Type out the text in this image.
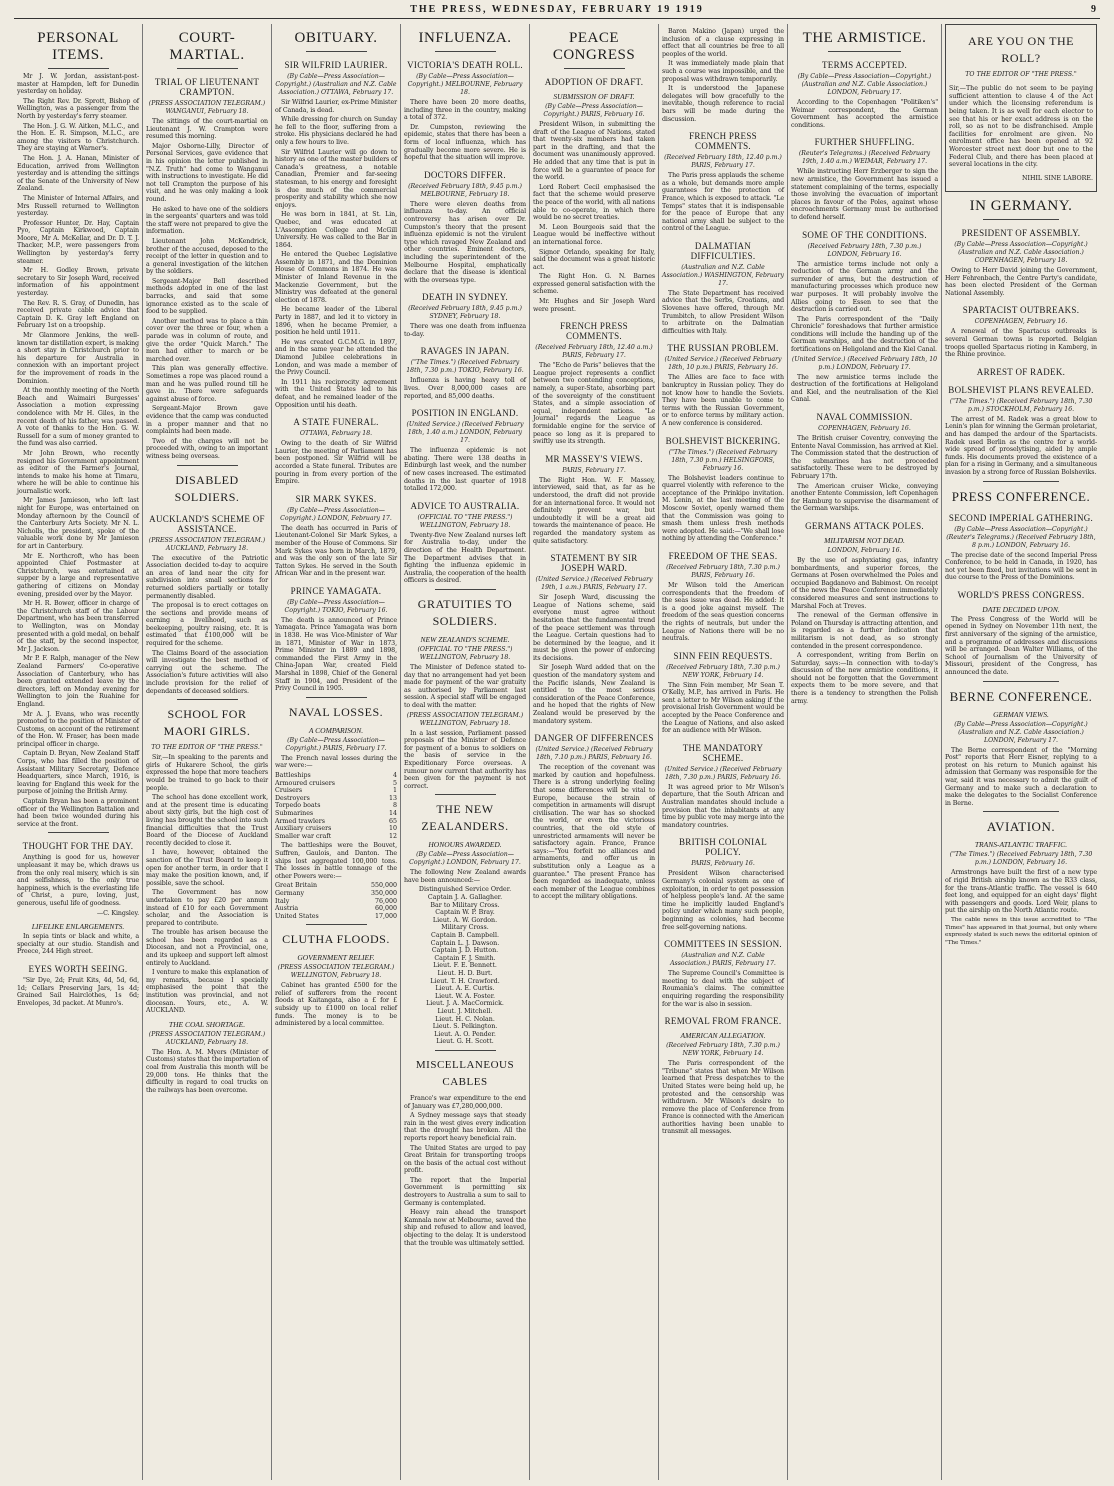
THE PRESS, WEDNESDAY, FEBRUARY 19 1919	9
PERSONAL ITEMS.

Mr J. W. Jordan, assistant-post-master at Hampden, left for Dunedin yesterday on holiday.

The Right Rev. Dr. Sprott, Bishop of Wellington, was a passenger from the North by yesterday's ferry steamer.

The Hon. J. G. W. Aitken, M.L.C., and the Hon. E. R. Simpson, M.L.C., are among the visitors to Christchurch. They are staying at Warner's.

The Hon. J. A. Hanan, Minister of Education, arrived from Wellington yesterday and is attending the sittings of the Senate of the University of New Zealand.

The Minister of Internal Affairs, and Mrs Russell returned to Wellington yesterday.

Professor Hunter, Dr. Hay, Captain Pyo, Captain Kirkwood, Captain Moore, Mr A. McKellar, and Dr. D. T. J. Thacker, M.P., were passengers from Wellington by yesterday's ferry steamer.

Mr H. Godley Brown, private secretary to Sir Joseph Ward, received information of his appointment yesterday.

The Rev. R. S. Gray, of Dunedin, has received private cable advice that Captain D. K. Gray left England on February 1st on a troopship.

Mr Glanmore Jenkins, the well-known tar distillation expert, is making a short stay in Christchurch prior to his departure for Australia in connexion with an important project for the improvement of roads in the Dominion.

At the monthly meeting of the North Beach and Waimairi Burgesses' Association a motion expressing condolence with Mr H. Giles, in the recent death of his father, was passed. A vote of thanks to the Hon. G. W. Russell for a sum of money granted to the fund was also carried.

Mr John Brown, who recently resigned his Government appointment as editor of the Farmer's Journal, intends to make his home at Timaru, where he will be able to continue his journalistic work.

Mr James Jamieson, who left last night for Europe, was entertained on Monday afternoon by the Council of the Canterbury Arts Society. Mr N. L. Nicholls, the president, spoke of the valuable work done by Mr Jamieson for art in Canterbury.

Mr E. Northcroft, who has been appointed Chief Postmaster at Christchurch, was entertained at supper by a large and representative gathering of citizens on Monday evening, presided over by the Mayor.

Mr H. R. Bower, officer in charge of the Christchurch staff of the Labour Department, who has been transferred to Wellington, was on Monday presented with a gold medal, on behalf of the staff, by the second inspector, Mr J. Jackson.

Mr P. F. Ralph, manager of the New Zealand Farmers' Co-operative Association of Canterbury, who has been granted extended leave by the directors, left on Monday evening for Wellington to join the Ruahine for England.

Mr A. J. Evans, who was recently promoted to the position of Minister of Customs, on account of the retirement of the Hon. W. Fraser, has been made principal officer in charge.

Captain D. Bryan, New Zealand Staff Corps, who has filled the position of Assistant Military Secretary, Defence Headquarters, since March, 1916, is leaving for England this week for the purpose of joining the British Army.

Captain Bryan has been a prominent officer of the Wellington Battalion and had been twice wounded during his service at the front.

THOUGHT FOR THE DAY.

Anything is good for us, however unpleasant it may be, which draws us from the only real misery, which is sin and selfishness, to the only true happiness, which is the everlasting life of Christ, a pure, loving, just, generous, useful life of goodness.

—C. Kingsley.

LIFELIKE ENLARGEMENTS.

In sepia tints or black and white, a specialty at our studio. Standish and Preece, 244 High street.

EYES WORTH SEEING.

"Sir Dye, 2d; Fruit Kits, 4d, 5d, 6d, 1d; Cellars Preserving Jars, 1s 4d; Grained Sail Hairclothes, 1s 6d; Envelopes, 3d packet. At Munro's.

COURT-MARTIAL.
TRIAL OF LIEUTENANT CRAMPTON.
(PRESS ASSOCIATION TELEGRAM.) WANGANUI, February 18.

The sittings of the court-martial on Lieutenant J. W. Crampton were resumed this morning.

Major Osborne-Lilly, Director of Personal Services, gave evidence that in his opinion the letter published in "N.Z. Truth" had come to Wanganui with instructions to investigate. He did not tell Crampton the purpose of his visit, and he was only making a look round.

He asked to have one of the soldiers in the sergeants' quarters and was told the staff were not prepared to give the information.

Lieutenant John McKendrick, brother of the accused, deposed to the receipt of the letter in question and to a general investigation of the kitchen by the soldiers.

Sergeant-Major Bell described methods adopted in one of the last barracks, and said that some ignorance existed as to the scale of food to be supplied.

Another method was to place a thin cover over the three or four, when a parade was in column of route, and give the order "Quick March." The men had either to march or be marched over.

This plan was generally effective. Sometimes a rope was placed round a man and he was pulled round till he gave in. There were safeguards against abuse of force.

Sergeant-Major Brown gave evidence that the camp was conducted in a proper manner and that no complaints had been made.

Two of the charges will not be proceeded with, owing to an important witness being overseas.

DISABLED SOLDIERS.
AUCKLAND'S SCHEME OF ASSISTANCE.
(PRESS ASSOCIATION TELEGRAM.) AUCKLAND, February 18.

The executive of the Patriotic Association decided to-day to acquire an area of land near the city for subdivision into small sections for returned soldiers partially or totally permanently disabled.

The proposal is to erect cottages on the sections and provide means of earning a livelihood, such as beekeeping, poultry raising, etc. It is estimated that £100,000 will be required for the scheme.

The Claims Board of the association will investigate the best method of carrying out the scheme. The Association's future activities will also include provision for the relief of dependants of deceased soldiers.

SCHOOL FOR MAORI GIRLS.
TO THE EDITOR OF "THE PRESS."

Sir,—In speaking to the parents and girls of Hukarere School, the girls expressed the hope that more teachers would be trained to go back to their people.

The school has done excellent work, and at the present time is educating about sixty girls, but the high cost of living has brought the school into such financial difficulties that the Trust Board of the Diocese of Auckland recently decided to close it.

I have, however, obtained the sanction of the Trust Board to keep it open for another term, in order that I may make the position known, and, if possible, save the school.

The Government has now undertaken to pay £20 per annum instead of £10 for each Government scholar, and the Association is prepared to contribute.

The trouble has arisen because the school has been regarded as a Diocesan, and not a Provincial, one, and its upkeep and support left almost entirely to Auckland.

I venture to make this explanation of my remarks, because I specially emphasised the point that the institution was provincial, and not diocesan. Yours, etc., A. W. AUCKLAND.

THE COAL SHORTAGE.
(PRESS ASSOCIATION TELEGRAM.) AUCKLAND, February 18.

The Hon. A. M. Myers (Minister of Customs) states that the importation of coal from Australia this month will be 29,000 tons. He thinks that the difficulty in regard to coal trucks on the railways has been overcome.

OBITUARY.
SIR WILFRID LAURIER.
(By Cable—Press Association—Copyright.) (Australian and N.Z. Cable Association.) OTTAWA, February 17.

Sir Wilfrid Laurier, ex-Prime Minister of Canada, is dead.

While dressing for church on Sunday he fell to the floor, suffering from a stroke. His physicians declared he had only a few hours to live.

Sir Wilfrid Laurier will go down to history as one of the master builders of Canada's greatness, a notable Canadian, Premier and far-seeing statesman, to his energy and foresight is due much of the commercial prosperity and stability which she now enjoys.

He was born in 1841, at St. Lin, Quebec, and was educated at L'Assomption College and McGill University. He was called to the Bar in 1864.

He entered the Quebec Legislative Assembly in 1871, and the Dominion House of Commons in 1874. He was Minister of Inland Revenue in the Mackenzie Government, but the Ministry was defeated at the general election of 1878.

He became leader of the Liberal Party in 1887, and led it to victory in 1896, when he became Premier, a position he held until 1911.

He was created G.C.M.G. in 1897, and in the same year he attended the Diamond Jubilee celebrations in London, and was made a member of the Privy Council.

In 1911 his reciprocity agreement with the United States led to his defeat, and he remained leader of the Opposition until his death.

A STATE FUNERAL.
OTTAWA, February 18.

Owing to the death of Sir Wilfrid Laurier, the meeting of Parliament has been postponed. Sir Wilfrid will be accorded a State funeral. Tributes are pouring in from every portion of the Empire.

SIR MARK SYKES.
(By Cable—Press Association—Copyright.) LONDON, February 17.

The death has occurred in Paris of Lieutenant-Colonel Sir Mark Sykes, a member of the House of Commons. Sir Mark Sykes was born in March, 1879, and was the only son of the late Sir Tatton Sykes. He served in the South African War and in the present war.

PRINCE YAMAGATA.
(By Cable—Press Association—Copyright.) TOKIO, February 16.

The death is announced of Prince Yamagata. Prince Yamagata was born in 1838. He was Vice-Minister of War in 1871, Minister of War in 1873, Prime Minister in 1889 and 1898, commanded the First Army in the China-Japan War, created Field Marshal in 1898, Chief of the General Staff in 1904, and President of the Privy Council in 1905.

NAVAL LOSSES.
A COMPARISON.
(By Cable—Press Association—Copyright.) PARIS, February 17.

The French naval losses during the war were:—

Battleships	4
Armoured cruisers	5
Cruisers	1
Destroyers	13
Torpedo boats	8
Submarines	14
Armed trawlers	65
Auxiliary cruisers	10
Smaller war craft	12

The battleships were the Bouvet, Suffren, Gaulois, and Danton. The ships lost aggregated 100,000 tons. The losses in battle tonnage of the other Powers were:—

Great Britain	550,000
Germany	350,000
Italy	76,000
Austria	60,000
United States	17,000
CLUTHA FLOODS.
GOVERNMENT RELIEF.
(PRESS ASSOCIATION TELEGRAM.) WELLINGTON, February 18.

Cabinet has granted £500 for the relief of sufferers from the recent floods at Kaitangata, also a £ for £ subsidy up to £1000 on local relief funds. The money is to be administered by a local committee.

INFLUENZA.
VICTORIA'S DEATH ROLL.
(By Cable—Press Association—Copyright.) MELBOURNE, February 18.

There have been 20 more deaths, including three in the country, making a total of 372.

Dr. Cumpston, reviewing the epidemic, states that there has been a form of local influenza, which has gradually become more severe. He is hopeful that the situation will improve.

DOCTORS DIFFER.
(Received February 18th, 9.45 p.m.) MELBOURNE, February 18.

There were eleven deaths from influenza to-day. An official controversy has arisen over Dr. Cumpston's theory that the present influenza epidemic is not the virulent type which ravaged New Zealand and other countries. Eminent doctors, including the superintendent of the Melbourne Hospital, emphatically declare that the disease is identical with the overseas type.

DEATH IN SYDNEY.
(Received February 18th, 9.45 p.m.) SYDNEY, February 18.

There was one death from influenza to-day.

RAVAGES IN JAPAN.
("The Times.") (Received February 18th, 7.30 p.m.) TOKIO, February 16.

Influenza is having heavy toll of lives. Over 8,000,000 cases are reported, and 85,000 deaths.

POSITION IN ENGLAND.
(United Service.) (Received February 18th, 1.40 a.m.) LONDON, February 17.

The influenza epidemic is not abating. There were 138 deaths in Edinburgh last week, and the number of new cases increased. The estimated deaths in the last quarter of 1918 totalled 172,000.

ADVICE TO AUSTRALIA.
(OFFICIAL TO "THE PRESS.") WELLINGTON, February 18.

Twenty-five New Zealand nurses left for Australia to-day, under the direction of the Health Department. The Department advises that in fighting the influenza epidemic in Australia, the cooperation of the health officers is desired.

GRATUITIES TO SOLDIERS.
NEW ZEALAND'S SCHEME.
(OFFICIAL TO "THE PRESS.") WELLINGTON, February 18.

The Minister of Defence stated to-day that no arrangement had yet been made for payment of the war gratuity as authorised by Parliament last session. A special staff will be engaged to deal with the matter.

(PRESS ASSOCIATION TELEGRAM.) WELLINGTON, February 18.

In a last session, Parliament passed proposals of the Minister of Defence for payment of a bonus to soldiers on the basis of service in the Expeditionary Force overseas. A rumour now current that authority has been given for the payment is not correct.

THE NEW ZEALANDERS.
HONOURS AWARDED.
(By Cable—Press Association—Copyright.) LONDON, February 17.

The following New Zealand awards have been announced:—

Distinguished Service Order.
Captain J. A. Gallagher.
Bar to Military Cross.
Captain W. P. Bray.
Lieut. A. W. Gordon.
Military Cross.
Captain B. Campbell.
Captain L. J. Dawson.
Captain J. D. Hutton.
Captain F. J. Smith.
Lieut. F. E. Bennett.
Lieut. H. D. Burt.
Lieut. T. H. Crawford.
Lieut. A. E. Curtis.
Lieut. W. A. Foster.
Lieut. J. A. MacCormick.
Lieut. J. Mitchell.
Lieut. H. C. Nolan.
Lieut. S. Pelkington.
Lieut. A. O. Pender.
Lieut. G. H. Scott.
MISCELLANEOUS CABLES

France's war expenditure to the end of January was £7,280,000,000.

A Sydney message says that steady rain in the west gives every indication that the drought has broken. All the reports report heavy beneficial rain.

The United States are urged to pay Great Britain for transporting troops on the basis of the actual cost without profit.

The report that the Imperial Government is permitting six destroyers to Australia a sum to sail to Germany is contemplated.

Heavy rain ahead the transport Kamnala now at Melbourne, saved the ship and refused to allow and leaved, objecting to the delay. It is understood that the trouble was ultimately settled.

PEACE CONGRESS
ADOPTION OF DRAFT.
SUBMISSION OF DRAFT.
(By Cable—Press Association—Copyright.) PARIS, February 16.

President Wilson, in submitting the draft of the League of Nations, stated that twenty-six members had taken part in the drafting, and that the document was unanimously approved. He added that any time that is put in force will be a guarantee of peace for the world.

Lord Robert Cecil emphasised the fact that the scheme would preserve the peace of the world, with all nations able to co-operate, in which there would be no secret treaties.

M. Leon Bourgeois said that the League would be ineffective without an international force.

Signor Orlando, speaking for Italy, said the document was a great historic act.

The Right Hon. G. N. Barnes expressed general satisfaction with the scheme.

Mr. Hughes and Sir Joseph Ward were present.

FRENCH PRESS COMMENTS.
(Received February 18th, 12.40 a.m.) PARIS, February 17.

The "Echo de Paris" believes that the League project represents a conflict between two contending conceptions, namely, a super-State, absorbing part of the sovereignty of the constituent States, and a simple association of equal, independent nations. "Le Journal" regards the League as formidable engine for the service of peace so long as it is prepared to swiftly use its strength.

MR MASSEY'S VIEWS.
PARIS, February 17.

The Right Hon. W. F. Massey, interviewed, said that, as far as he understood, the draft did not provide for an international force. It would not definitely prevent war, but undoubtedly it will be a great aid towards the maintenance of peace. He regarded the mandatory system as quite satisfactory.

STATEMENT BY SIR JOSEPH WARD.
(United Service.) (Received February 19th, 1 a.m.) PARIS, February 17.

Sir Joseph Ward, discussing the League of Nations scheme, said everyone must agree without hesitation that the fundamental trend of the peace settlement was through the League. Certain questions had to be determined by the league, and it must be given the power of enforcing its decisions.

Sir Joseph Ward added that on the question of the mandatory system and the Pacific islands, New Zealand is entitled to the most serious consideration of the Peace Conference, and he hoped that the rights of New Zealand would be preserved by the mandatory system.

DANGER OF DIFFERENCES
(United Service.) (Received February 18th, 7.10 p.m.) PARIS, February 16.

The reception of the covenant was marked by caution and hopefulness. There is a strong underlying feeling that some differences will be vital to Europe, because the strain of competition in armaments will disrupt civilisation. The war has so shocked the world, or even the victorious countries, that the old style of unrestricted armaments will never be satisfactory again. France, France says:—"You forfeit no alliances and armaments, and offer us in substitution only a League as a guarantee." The present France has been regarded as inadequate, unless each member of the League combines to accept the military obligations.

Baron Makino (Japan) urged the inclusion of a clause expressing in effect that all countries be free to all peoples of the world.

It was immediately made plain that such a course was impossible, and the proposal was withdrawn temporarily.

It is understood the Japanese delegates will bow gracefully to the inevitable, though reference to racial bars will be made during the discussion.

FRENCH PRESS COMMENTS.
(Received February 18th, 12.40 p.m.) PARIS, February 17.

The Paris press applauds the scheme as a whole, but demands more ample guarantees for the protection of France, which is exposed to attack. "Le Temps" states that it is indispensable for the peace of Europe that any national army shall be subject to the control of the League.

DALMATIAN DIFFICULTIES.
(Australian and N.Z. Cable Association.) WASHINGTON, February 17.

The State Department has received advice that the Serbs, Croatians, and Slovenes have offered, through Mr. Trumbitch, to allow President Wilson to arbitrate on the Dalmatian difficulties with Italy.

THE RUSSIAN PROBLEM.
(United Service.) (Received February 18th, 10 p.m.) PARIS, February 16.

The Allies are face to face with bankruptcy in Russian policy. They do not know how to handle the Soviets. They have been unable to come to terms with the Russian Government, or to enforce terms by military action. A new conference is considered.

BOLSHEVIST BICKERING.
("The Times.") (Received February 18th, 7.30 p.m.) HELSINGFORS, February 16.

The Bolshevist leaders continue to quarrel violently with reference to the acceptance of the Prinkipo invitation. M. Lenin, at the last meeting of the Moscow Soviet, openly warned them that the Commission was going to smash them unless fresh methods were adopted. He said:—"We shall lose nothing by attending the Conference."

FREEDOM OF THE SEAS.
(Received February 18th, 7.30 p.m.) PARIS, February 16.

Mr Wilson told the American correspondents that the freedom of the seas issue was dead. He added: It is a good joke against myself. The freedom of the seas question concerns the rights of neutrals, but under the League of Nations there will be no neutrals.

SINN FEIN REQUESTS.
(Received February 18th, 7.30 p.m.) NEW YORK, February 14.

The Sinn Fein member, Mr Sean T. O'Kelly, M.P., has arrived in Paris. He sent a letter to Mr Wilson asking if the provisional Irish Government would be accepted by the Peace Conference and the League of Nations, and also asked for an audience with Mr Wilson.

THE MANDATORY SCHEME.
(United Service.) (Received February 18th, 7.30 p.m.) PARIS, February 16.

It was agreed prior to Mr Wilson's departure, that the South African and Australian mandates should include a provision that the inhabitants at any time by public vote may merge into the mandatory countries.

BRITISH COLONIAL POLICY.
PARIS, February 16.

President Wilson characterised Germany's colonial system as one of exploitation, in order to get possession of helpless people's land. At the same time he implicitly lauded England's policy under which many such people, beginning as colonies, had become free self-governing nations.

COMMITTEES IN SESSION.
(Australian and N.Z. Cable Association.) PARIS, February 17.

The Supreme Council's Committee is meeting to deal with the subject of Roumania's claims. The committee enquiring regarding the responsibility for the war is also in session.

REMOVAL FROM FRANCE.
AMERICAN ALLEGATION.
(Received February 18th, 7.30 p.m.) NEW YORK, February 14.

The Paris correspondent of the "Tribune" states that when Mr Wilson learned that Press despatches to the United States were being held up, he protested and the censorship was withdrawn. Mr Wilson's desire to remove the place of Conference from France is connected with the American authorities having been unable to transmit all messages.

THE ARMISTICE.
TERMS ACCEPTED.
(By Cable—Press Association—Copyright.) (Australian and N.Z. Cable Association.) LONDON, February 17.

According to the Copenhagen "Politiken's" Weimar correspondent, the German Government has accepted the armistice conditions.

FURTHER SHUFFLING.
(Reuter's Telegrams.) (Received February 19th, 1.40 a.m.) WEIMAR, February 17.

While instructing Herr Erzberger to sign the new armistice, the Government has issued a statement complaining of the terms, especially those involving the evacuation of important places in favour of the Poles, against whose encroachments Germany must be authorised to defend herself.

SOME OF THE CONDITIONS.
(Received February 18th, 7.30 p.m.) LONDON, February 16.

The armistice terms include not only a reduction of the German army and the surrender of arms, but the destruction of manufacturing processes which produce new war purposes. It will probably involve the Allies going to Essen to see that the destruction is carried out.

The Paris correspondent of the "Daily Chronicle" foreshadows that further armistice conditions will include the handing up of the German warships, and the destruction of the fortifications on Heligoland and the Kiel Canal.

(United Service.) (Received February 18th, 10 p.m.) LONDON, February 17.

The new armistice terms include the destruction of the fortifications at Heligoland and Kiel, and the neutralisation of the Kiel Canal.

NAVAL COMMISSION.
COPENHAGEN, February 16.

The British cruiser Coventry, conveying the Entente Naval Commission, has arrived at Kiel. The Commission stated that the destruction of the submarines has not proceeded satisfactorily. These were to be destroyed by February 17th.

The American cruiser Wicke, conveying another Entente Commission, left Copenhagen for Hamburg to supervise the disarmament of the German warships.

GERMANS ATTACK POLES.
MILITARISM NOT DEAD.
LONDON, February 16.

By the use of asphyxiating gas, infantry bombardments, and superior forces, the Germans at Posen overwhelmed the Poles and occupied Bagdanovo and Babimost. On receipt of the news the Peace Conference immediately considered measures and sent instructions to Marshal Foch at Treves.

The renewal of the German offensive in Poland on Thursday is attracting attention, and is regarded as a further indication that militarism is not dead, as so strongly contended in the present correspondence.

A correspondent, writing from Berlin on Saturday, says:—In connection with to-day's discussion of the new armistice conditions, it should not be forgotten that the Government expects them to be more severe, and that there is a tendency to strengthen the Polish army.

ARE YOU ON THE ROLL?
TO THE EDITOR OF "THE PRESS."

Sir,—The public do not seem to be paying sufficient attention to clause 4 of the Act under which the licensing referendum is being taken. It is as well for each elector to see that his or her exact address is on the roll, so as not to be disfranchised. Ample facilities for enrolment are given. No enrolment office has been opened at 92 Worcester street next door but one to the Federal Club, and there has been placed at several locations in the city.

NIHIL SINE LABORE.

IN GERMANY.
PRESIDENT OF ASSEMBLY.
(By Cable—Press Association—Copyright.) (Australian and N.Z. Cable Association.) COPENHAGEN, February 18.

Owing to Herr David joining the Government, Herr Fehrenbach, the Centre Party's candidate, has been elected President of the German National Assembly.

SPARTACIST OUTBREAKS.
COPENHAGEN, February 16.

A renewal of the Spartacus outbreaks is several German towns is reported. Belgian troops quelled Spartacus rioting in Kamberg, in the Rhine province.

ARREST OF RADEK.
BOLSHEVIST PLANS REVEALED.
("The Times.") (Received February 18th, 7.30 p.m.) STOCKHOLM, February 16.

The arrest of M. Radek was a great blow to Lenin's plan for winning the German proletariat, and has damped the ardour of the Spartacists. Radek used Berlin as the centre for a world-wide spread of proselytising, aided by ample funds. His documents proved the existence of a plan for a rising in Germany, and a simultaneous invasion by a strong force of Russian Bolsheviks.

PRESS CONFERENCE.
SECOND IMPERIAL GATHERING.
(By Cable—Press Association—Copyright.) (Reuter's Telegrams.) (Received February 18th, 8 p.m.) LONDON, February 16.

The precise date of the second Imperial Press Conference, to be held in Canada, in 1920, has not yet been fixed, but invitations will be sent in due course to the Press of the Dominions.

WORLD'S PRESS CONGRESS.
DATE DECIDED UPON.

The Press Congress of the World will be opened in Sydney on November 11th next, the first anniversary of the signing of the armistice, and a programme of addresses and discussions will be arranged. Dean Walter Williams, of the School of Journalism of the University of Missouri, president of the Congress, has announced the date.

BERNE CONFERENCE.
GERMAN VIEWS.
(By Cable—Press Association—Copyright.) (Australian and N.Z. Cable Association.) LONDON, February 17.

The Berne correspondent of the "Morning Post" reports that Herr Eisner, replying to a protest on his return to Munich against his admission that Germany was responsible for the war, said it was necessary to admit the guilt of Germany and to make such a declaration to make the delegates to the Socialist Conference in Berne.

AVIATION.
TRANS-ATLANTIC TRAFFIC.
("The Times.") (Received February 18th, 7.30 p.m.) LONDON, February 16.

Armstrongs have built the first of a new type of rigid British airship known as the R33 class, for the trans-Atlantic traffic. The vessel is 640 feet long, and equipped for an eight days' flight with passengers and goods. Lord Weir, plans to put the airship on the North Atlantic route.

The cable news in this issue accredited to "The Times" has appeared in that journal, but only where expressly stated is such news the editorial opinion of "The Times."
